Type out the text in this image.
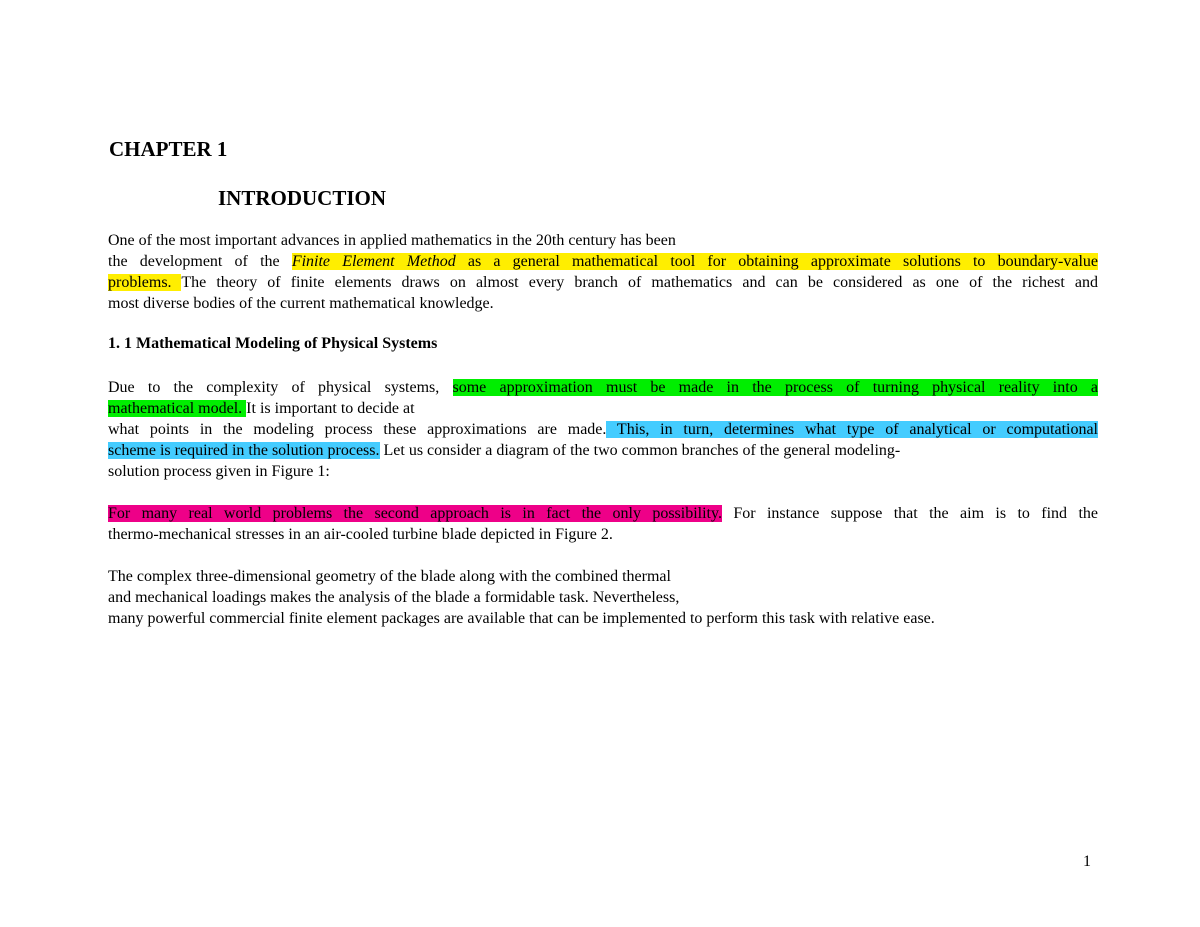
CHAPTER 1
INTRODUCTION
One of the most important advances in applied mathematics in the 20th century has been
the development of the Finite Element Method as a general mathematical tool for obtaining approximate solutions to boundary-value
problems. The theory of finite elements draws on almost every branch of mathematics and can be considered as one of the richest and
most diverse bodies of the current mathematical knowledge.
1. 1 Mathematical Modeling of Physical Systems
Due to the complexity of physical systems, some approximation must be made in the process of turning physical reality into a
mathematical model. It is important to decide at
what points in the modeling process these approximations are made. This, in turn, determines what type of analytical or computational
scheme is required in the solution process. Let us consider a diagram of the two common branches of the general modeling-
solution process given in Figure 1:
For many real world problems the second approach is in fact the only possibility. For instance suppose that the aim is to find the
thermo-mechanical stresses in an air-cooled turbine blade depicted in Figure 2.
The complex three-dimensional geometry of the blade along with the combined thermal
and mechanical loadings makes the analysis of the blade a formidable task. Nevertheless,
many powerful commercial finite element packages are available that can be implemented to perform this task with relative ease.
1
